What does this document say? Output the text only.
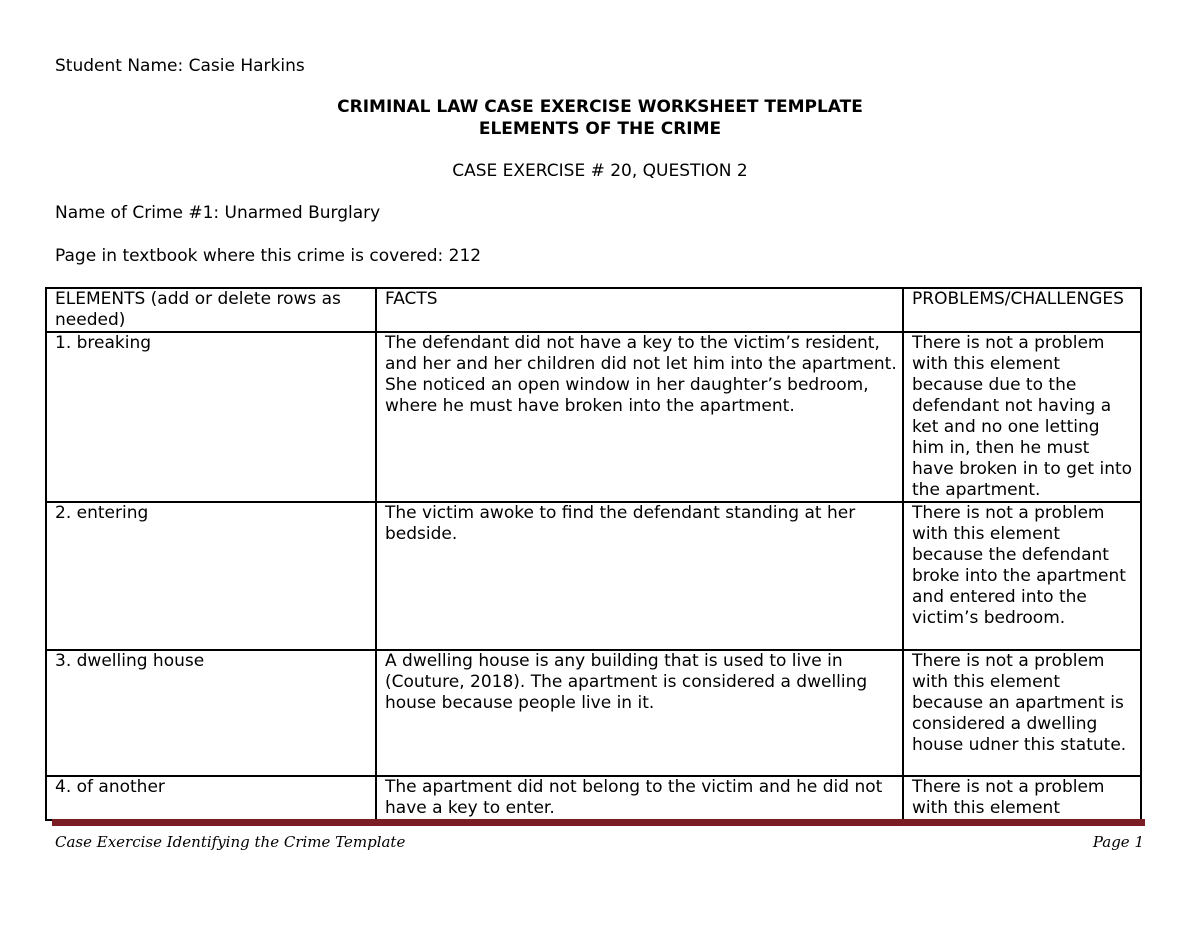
Student Name: Casie Harkins
CRIMINAL LAW CASE EXERCISE WORKSHEET TEMPLATE
ELEMENTS OF THE CRIME
CASE EXERCISE # 20, QUESTION 2
Name of Crime #1: Unarmed Burglary
Page in textbook where this crime is covered: 212
ELEMENTS (add or delete rows as needed)	FACTS	PROBLEMS/CHALLENGES
1. breaking	The defendant did not have a key to the victim’s resident, and her and her children did not let him into the apartment. She noticed an open window in her daughter’s bedroom, where he must have broken into the apartment.	There is not a problem with this element because due to the defendant not having a ket and no one letting him in, then he must have broken in to get into the apartment.
2. entering	The victim awoke to find the defendant standing at her bedside.	There is not a problem with this element because the defendant broke into the apartment and entered into the victim’s bedroom.
3. dwelling house	A dwelling house is any building that is used to live in (Couture, 2018). The apartment is considered a dwelling house because people live in it.	There is not a problem with this element because an apartment is considered a dwelling house udner this statute.
4. of another	The apartment did not belong to the victim and he did not have a key to enter.	There is not a problem with this element
Case Exercise Identifying the Crime Template	Page 1
